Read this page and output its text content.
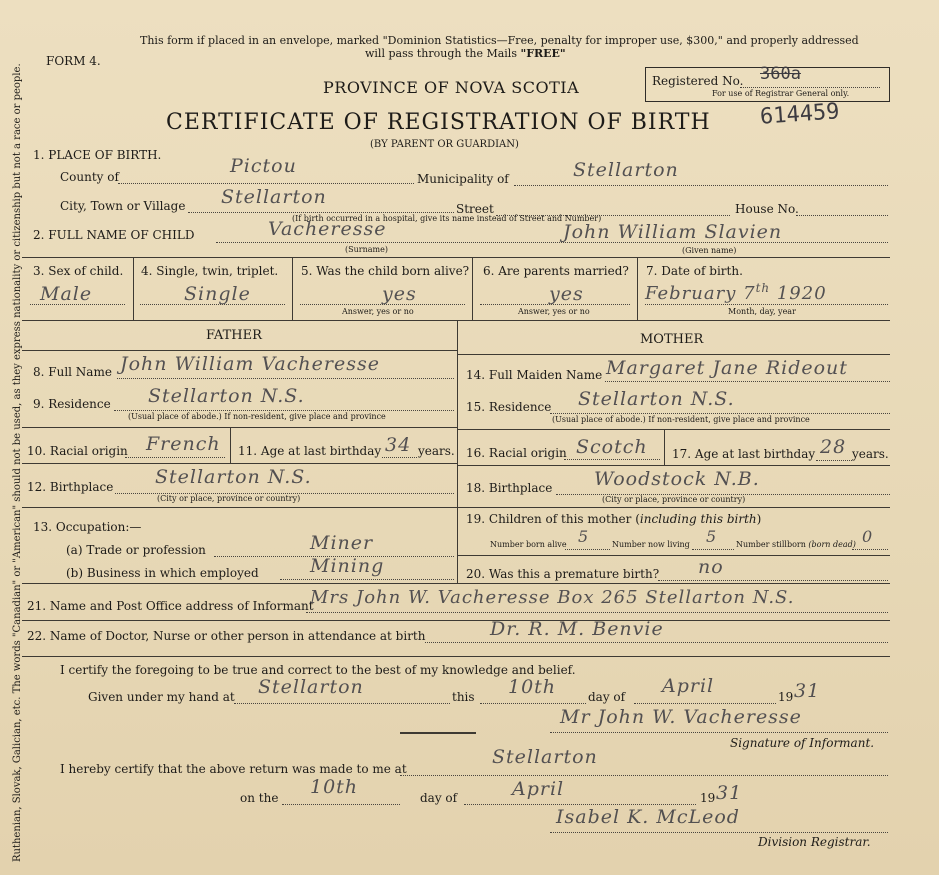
Ruthenian, Slovak, Galician, etc. The words "Canadian" or "American" should not be used, as they express nationality or citizenship but not a race or people.
This form if placed in an envelope, marked "Dominion Statistics—Free, penalty for improper use, $300," and properly addressed
will pass through the Mails "FREE"
FORM 4.
PROVINCE OF NOVA SCOTIA
CERTIFICATE OF REGISTRATION OF BIRTH
(BY PARENT OR GUARDIAN)
Registered No. 360a
For use of Registrar General only.
614459
1. PLACE OF BIRTH.
County of	Pictou
Municipality of	Stellarton
City, Town or Village Stellarton
Street	House No.
(If birth occurred in a hospital, give its name instead of Street and Number)
2. FULL NAME OF CHILD	Vacheresse
(Surname)
John William Slavien
(Given name)
3. Sex of child.
Male
4. Single, twin, triplet.
Single
5. Was the child born alive?
yes
Answer, yes or no
6. Are parents married?
yes
Answer, yes or no
7. Date of birth.
February 7th 1920
Month, day, year
FATHER	MOTHER
8. Full Name John William Vacheresse
9. Residence Stellarton N.S.
(Usual place of abode.) If non-resident, give place and province
10. Racial origin French 11. Age at last birthday 34 years.
12. Birthplace Stellarton N.S.
(City or place, province or country)
13. Occupation:—
(a) Trade or profession	Miner
(b) Business in which employed	Mining
14. Full Maiden Name Margaret Jane Rideout
15. Residence Stellarton N.S.
(Usual place of abode.) If non-resident, give place and province
16. Racial origin Scotch 17. Age at last birthday 28 years.
18. Birthplace Woodstock N.B.
(City or place, province or country)
19. Children of this mother (including this birth)
Number born alive 5	Number now living 5 Number stillborn (born dead) 0
20. Was this a premature birth? no
21. Name and Post Office address of Informant
Mrs John W. Vacheresse Box 265 Stellarton N.S.
22. Name of Doctor, Nurse or other person in attendance at birth	Dr. R. M. Benvie
I certify the foregoing to be true and correct to the best of my knowledge and belief.
Given under my hand at Stellarton	this 10th	day of April	19 31
Mr John W. Vacheresse
Signature of Informant.
I hereby certify that the above return was made to me at
Stellarton
on the 10th	day of	April	19 31
Isabel K. McLeod
Division Registrar.
